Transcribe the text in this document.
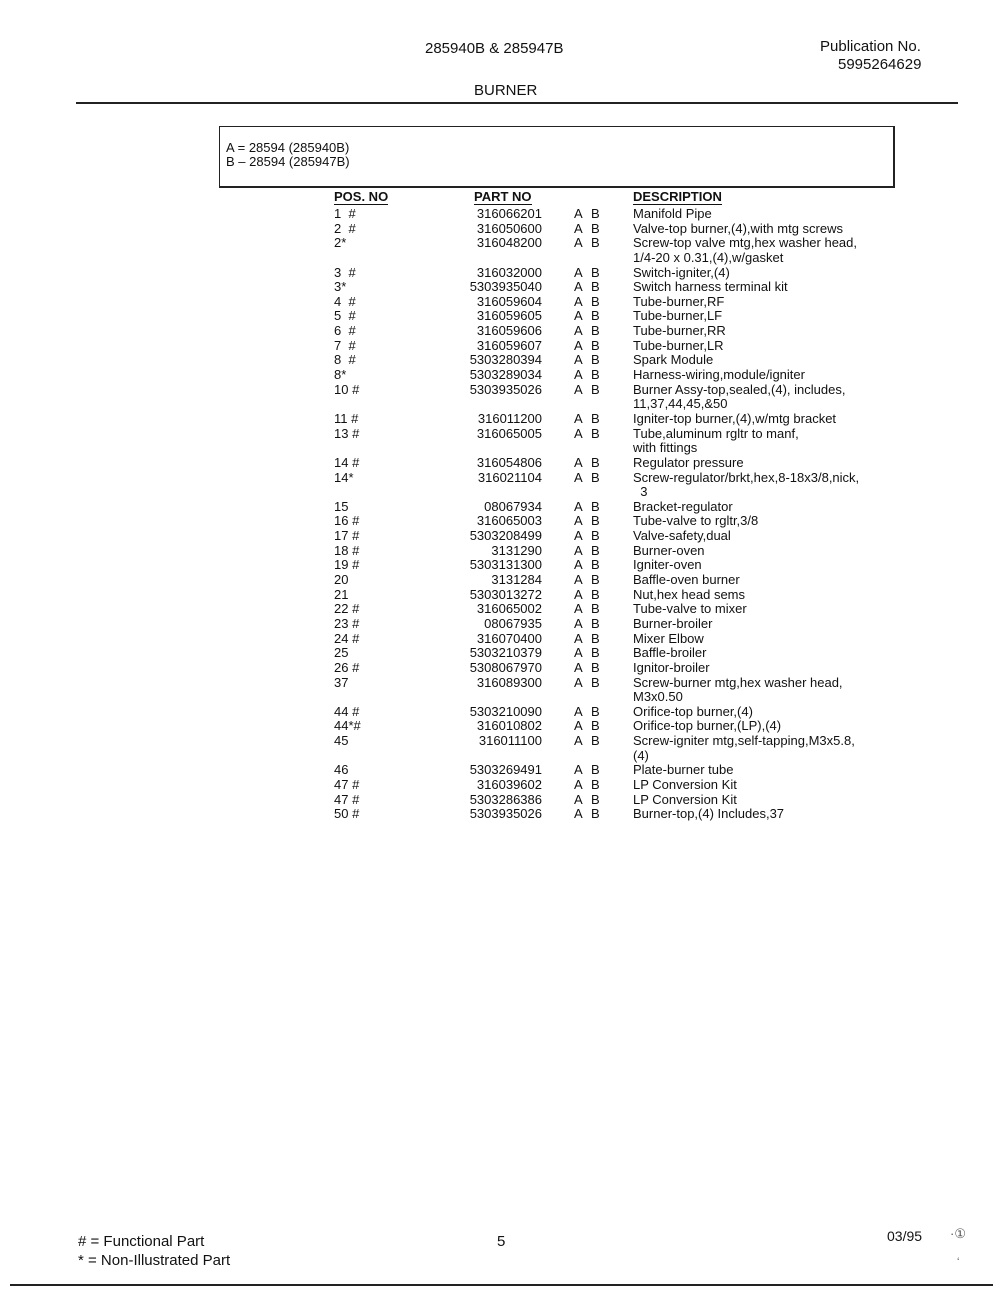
285940B & 285947B	Publication No.
5995264629
BURNER
A = 28594 (285940B)
B – 28594 (285947B)
POS. NO	PART NO	DESCRIPTION
1  #	316066201 A B	Manifold Pipe
2  #	316050600 A B	Valve-top burner,(4),with mtg screws
2*	316048200 A B	Screw-top valve mtg,hex washer head,
1/4-20 x 0.31,(4),w/gasket
3  #	316032000 A B	Switch-igniter,(4)
3*	5303935040 A B	Switch harness terminal kit
4  #	316059604 A B	Tube-burner,RF
5  #	316059605 A B	Tube-burner,LF
6  #	316059606 A B	Tube-burner,RR
7  #	316059607 A B	Tube-burner,LR
8  #	5303280394 A B	Spark Module
8*	5303289034 A B	Harness-wiring,module/igniter
10 #	5303935026 A B	Burner Assy-top,sealed,(4), includes,
11,37,44,45,&50
11 #	316011200 A B	Igniter-top burner,(4),w/mtg bracket
13 #	316065005 A B	Tube,aluminum rgltr to manf,
with fittings
14 #	316054806 A B	Regulator pressure
14*	316021104 A B	Screw-regulator/brkt,hex,8-18x3/8,nick,
3
15	08067934 A B	Bracket-regulator
16 #	316065003 A B	Tube-valve to rgltr,3/8
17 #	5303208499 A B	Valve-safety,dual
18 #	3131290 A B	Burner-oven
19 #	5303131300 A B	Igniter-oven
20	3131284 A B	Baffle-oven burner
21	5303013272 A B	Nut,hex head sems
22 #	316065002 A B	Tube-valve to mixer
23 #	08067935 A B	Burner-broiler
24 #	316070400 A B	Mixer Elbow
25	5303210379 A B	Baffle-broiler
26 #	5308067970 A B	Ignitor-broiler
37	316089300 A B	Screw-burner mtg,hex washer head,
M3x0.50
44 #	5303210090 A B	Orifice-top burner,(4)
44*#	316010802 A B	Orifice-top burner,(LP),(4)
45	316011100 A B	Screw-igniter mtg,self-tapping,M3x5.8,
(4)
46	5303269491 A B	Plate-burner tube
47 #	316039602 A B	LP Conversion Kit
47 #	5303286386 A B	LP Conversion Kit
50 #	5303935026 A B	Burner-top,(4) Includes,37
# = Functional Part
* = Non-Illustrated Part
5	03/95 ·①
‘
